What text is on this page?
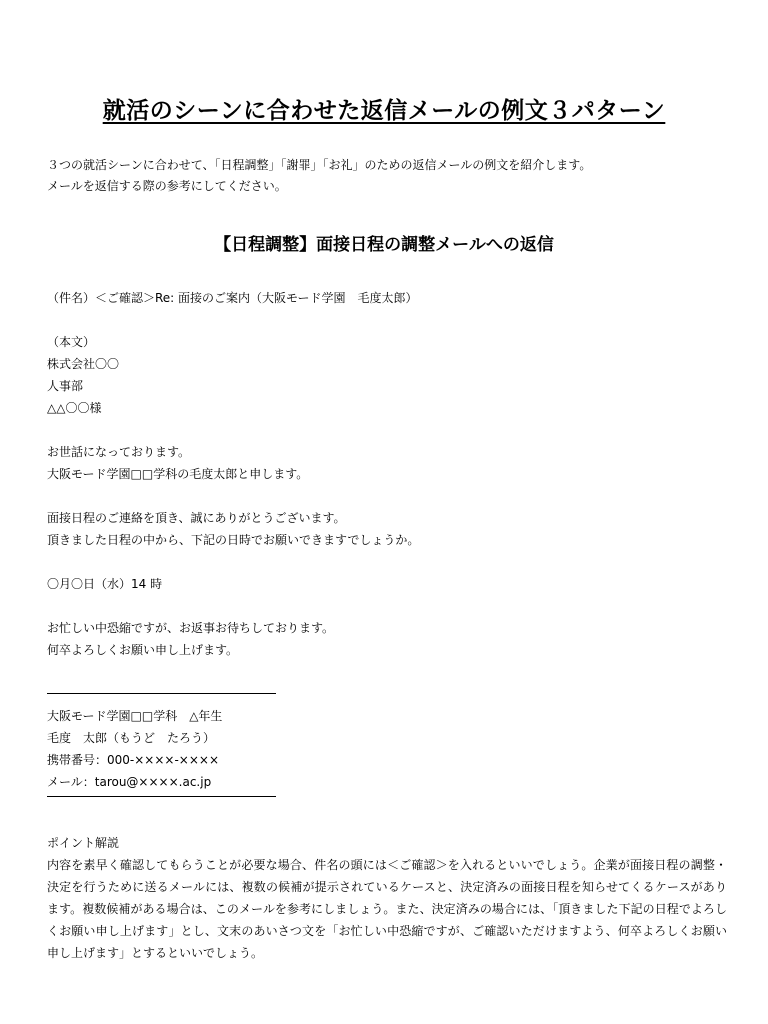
就活のシーンに合わせた返信メールの例文３パターン

３つの就活シーンに合わせて、「日程調整」「謝罪」「お礼」のための返信メールの例文を紹介します。

メールを返信する際の参考にしてください。

【日程調整】面接日程の調整メールへの返信

（件名）＜ご確認＞Re: 面接のご案内（大阪モード学園　毛度太郎）

（本文）

株式会社〇〇

人事部

△△〇〇様

お世話になっております。

大阪モード学園□□学科の毛度太郎と申します。

面接日程のご連絡を頂き、誠にありがとうございます。

頂きました日程の中から、下記の日時でお願いできますでしょうか。

〇月〇日（水）14 時

お忙しい中恐縮ですが、お返事お待ちしております。

何卒よろしくお願い申し上げます。

大阪モード学園□□学科　△年生

毛度　太郎（もうど　たろう）

携帯番号：000-××××-××××

メール：tarou@××××.ac.jp

ポイント解説

内容を素早く確認してもらうことが必要な場合、件名の頭には＜ご確認＞を入れるといいでしょう。企業が面接日程の調整・決定を行うために送るメールには、複数の候補が提示されているケースと、決定済みの面接日程を知らせてくるケースがあります。複数候補がある場合は、このメールを参考にしましょう。また、決定済みの場合には、「頂きました下記の日程でよろしくお願い申し上げます」とし、文末のあいさつ文を「お忙しい中恐縮ですが、ご確認いただけますよう、何卒よろしくお願い申し上げます」とするといいでしょう。
